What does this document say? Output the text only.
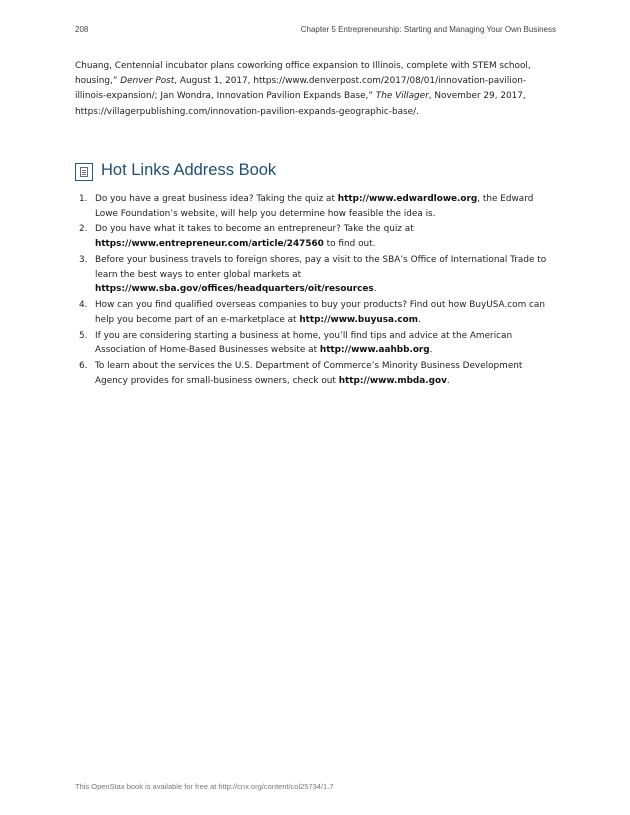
208	Chapter 5 Entrepreneurship: Starting and Managing Your Own Business

Chuang, Centennial incubator plans coworking office expansion to Illinois, complete with STEM school, housing,” Denver Post, August 1, 2017, https://www.denverpost.com/2017/08/01/innovation-pavilion-illinois-expansion/; Jan Wondra, Innovation Pavilion Expands Base,” The Villager, November 29, 2017, https://villagerpublishing.com/innovation-pavilion-expands-geographic-base/.

Hot Links Address Book
1. Do you have a great business idea? Taking the quiz at http://www.edwardlowe.org, the Edward Lowe Foundation’s website, will help you determine how feasible the idea is.
2. Do you have what it takes to become an entrepreneur? Take the quiz at https://www.entrepreneur.com/article/247560 to find out.
3. Before your business travels to foreign shores, pay a visit to the SBA’s Office of International Trade to learn the best ways to enter global markets at https://www.sba.gov/offices/headquarters/oit/resources.
4. How can you find qualified overseas companies to buy your products? Find out how BuyUSA.com can help you become part of an e-marketplace at http://www.buyusa.com.
5. If you are considering starting a business at home, you’ll find tips and advice at the American Association of Home-Based Businesses website at http://www.aahbb.org.
6. To learn about the services the U.S. Department of Commerce’s Minority Business Development Agency provides for small-business owners, check out http://www.mbda.gov.
This OpenStax book is available for free at http://cnx.org/content/col25734/1.7
